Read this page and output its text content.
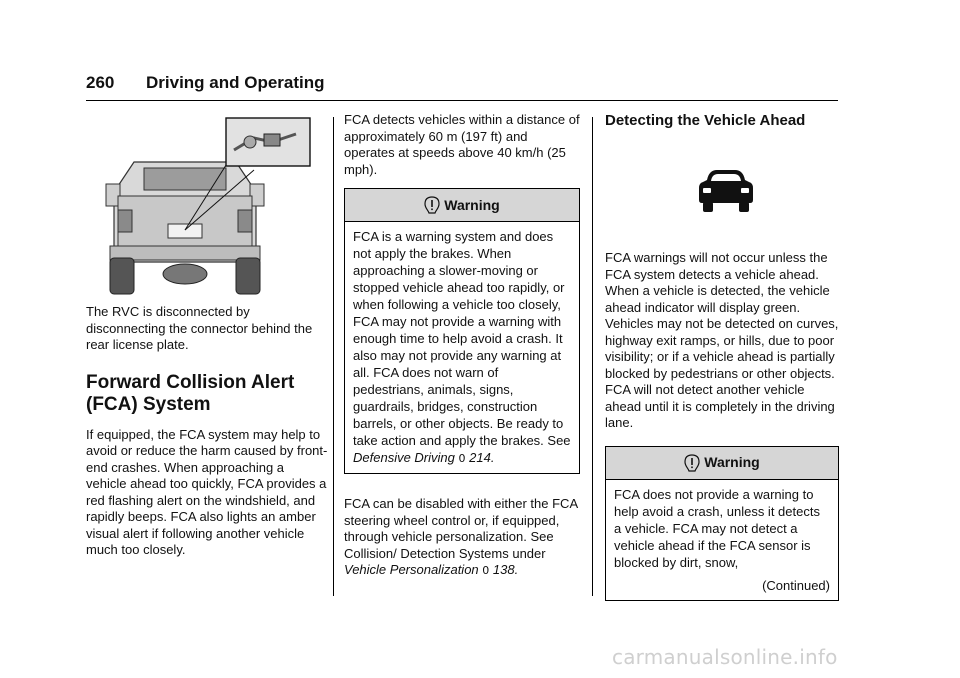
260 Driving and Operating

The RVC is disconnected by disconnecting the connector behind the rear license plate.

Forward Collision Alert (FCA) System

If equipped, the FCA system may help to avoid or reduce the harm caused by front-end crashes. When approaching a vehicle ahead too quickly, FCA provides a red flashing alert on the windshield, and rapidly beeps. FCA also lights an amber visual alert if following another vehicle much too closely.

FCA detects vehicles within a distance of approximately 60 m (197 ft) and operates at speeds above 40 km/h (25 mph).

Warning
FCA is a warning system and does not apply the brakes. When approaching a slower-moving or stopped vehicle ahead too rapidly, or when following a vehicle too closely, FCA may not provide a warning with enough time to help avoid a crash. It also may not provide any warning at all. FCA does not warn of pedestrians, animals, signs, guardrails, bridges, construction barrels, or other objects. Be ready to take action and apply the brakes. See Defensive Driving 0 214.

FCA can be disabled with either the FCA steering wheel control or, if equipped, through vehicle personalization. See Collision/ Detection Systems under Vehicle Personalization 0 138.

Detecting the Vehicle Ahead

FCA warnings will not occur unless the FCA system detects a vehicle ahead. When a vehicle is detected, the vehicle ahead indicator will display green. Vehicles may not be detected on curves, highway exit ramps, or hills, due to poor visibility; or if a vehicle ahead is partially blocked by pedestrians or other objects. FCA will not detect another vehicle ahead until it is completely in the driving lane.

Warning
FCA does not provide a warning to help avoid a crash, unless it detects a vehicle. FCA may not detect a vehicle ahead if the FCA sensor is blocked by dirt, snow,
(Continued)
carmanualsonline.info
